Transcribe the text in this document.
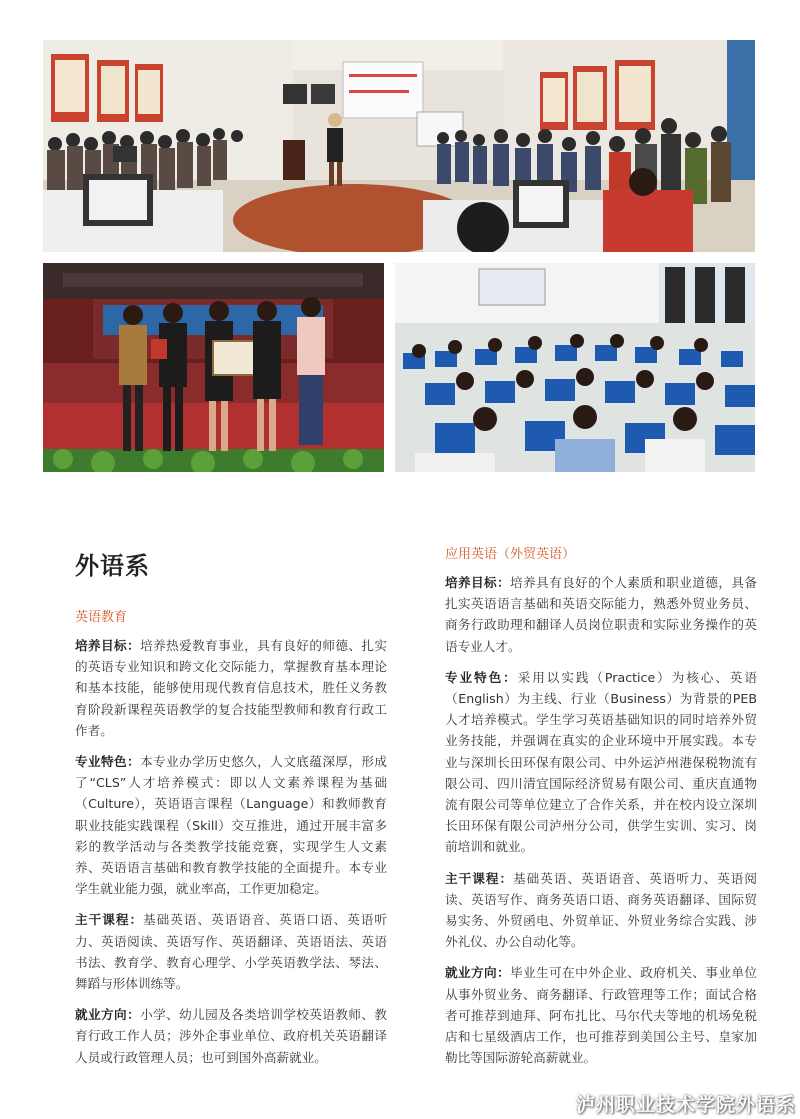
外语系
英语教育

培养目标：培养热爱教育事业，具有良好的师德、扎实的英语专业知识和跨文化交际能力，掌握教育基本理论和基本技能，能够使用现代教育信息技术，胜任义务教育阶段新课程英语教学的复合技能型教师和教育行政工作者。

专业特色：本专业办学历史悠久，人文底蕴深厚，形成了“CLS”人才培养模式：即以人文素养课程为基础（Culture），英语语言课程（Language）和教师教育职业技能实践课程（Skill）交互推进，通过开展丰富多彩的教学活动与各类教学技能竞赛，实现学生人文素养、英语语言基础和教育教学技能的全面提升。本专业学生就业能力强，就业率高，工作更加稳定。

主干课程：基础英语、英语语音、英语口语、英语听力、英语阅读、英语写作、英语翻译、英语语法、英语书法、教育学、教育心理学、小学英语教学法、琴法、舞蹈与形体训练等。

就业方向：小学、幼儿园及各类培训学校英语教师、教育行政工作人员；涉外企事业单位、政府机关英语翻译人员或行政管理人员；也可到国外高薪就业。

应用英语（外贸英语）

培养目标：培养具有良好的个人素质和职业道德，具备扎实英语语言基础和英语交际能力，熟悉外贸业务员、商务行政助理和翻译人员岗位职责和实际业务操作的英语专业人才。

专业特色：采用以实践（Practice）为核心、英语（English）为主线、行业（Business）为背景的PEB人才培养模式。学生学习英语基础知识的同时培养外贸业务技能，并强调在真实的企业环境中开展实践。本专业与深圳长田环保有限公司、中外运泸州港保税物流有限公司、四川清宜国际经济贸易有限公司、重庆直通物流有限公司等单位建立了合作关系，并在校内设立深圳长田环保有限公司泸州分公司，供学生实训、实习、岗前培训和就业。

主干课程：基础英语、英语语音、英语听力、英语阅读、英语写作、商务英语口语、商务英语翻译、国际贸易实务、外贸函电、外贸单证、外贸业务综合实践、涉外礼仪、办公自动化等。

就业方向：毕业生可在中外企业、政府机关、事业单位从事外贸业务、商务翻译、行政管理等工作；面试合格者可推荐到迪拜、阿布扎比、马尔代夫等地的机场免税店和七星级酒店工作，也可推荐到美国公主号、皇家加勒比等国际游轮高薪就业。

泸州职业技术学院外语系
